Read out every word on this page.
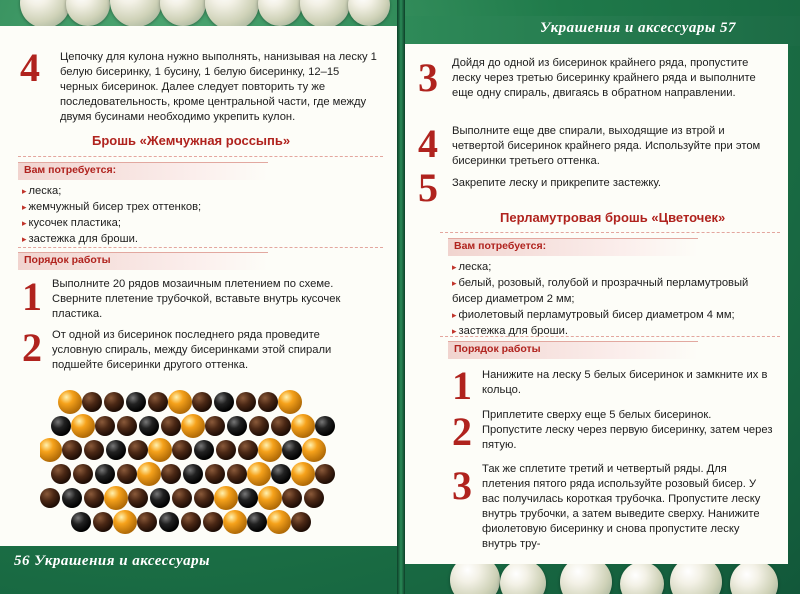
4 Цепочку для кулона нужно выполнять, нанизывая на леску 1 белую бисеринку, 1 бусину, 1 белую бисеринку, 12–15 черных бисеринок. Далее следует повторить ту же последовательность, кроме центральной части, где между двумя бусинами необходимо укрепить кулон.
Брошь «Жемчужная россыпь»
Вам потребуется:
▸ леска;
▸ жемчужный бисер трех оттенков;
▸ кусочек пластика;
▸ застежка для броши.
Порядок работы
1 Выполните 20 рядов мозаичным плетением по схеме. Сверните плетение трубочкой, вставьте внутрь кусочек пластика.
2 От одной из бисеринок последнего ряда проведите условную спираль, между бисеринками этой спирали подшейте бисеринки другого оттенка.
56 Украшения и аксессуары
Украшения и аксессуары 57
3 Дойдя до одной из бисеринок крайнего ряда, пропустите леску через третью бисеринку крайнего ряда и выполните еще одну спираль, двигаясь в обратном направлении.
4 Выполните еще две спирали, выходящие из втрой и четвертой бисеринок крайнего ряда. Используйте при этом бисеринки третьего оттенка.
5 Закрепите леску и прикрепите застежку.
Перламутровая брошь «Цветочек»
Вам потребуется:
▸ леска;
▸ белый, розовый, голубой и прозрачный перламутровый бисер диаметром 2 мм;
▸ фиолетовый перламутровый бисер диаметром 4 мм;
▸ застежка для броши.
Порядок работы
1 Нанижите на леску 5 белых бисеринок и замкните их в кольцо.
2 Приплетите сверху еще 5 белых бисеринок. Пропустите леску через первую бисеринку, затем через пятую.
3 Так же сплетите третий и четвертый ряды. Для плетения пятого ряда используйте розовый бисер. У вас получилась короткая трубочка. Пропустите леску внутрь трубочки, а затем выведите сверху. Нанижите фиолетовую бисеринку и снова пропустите леску внутрь тру-
